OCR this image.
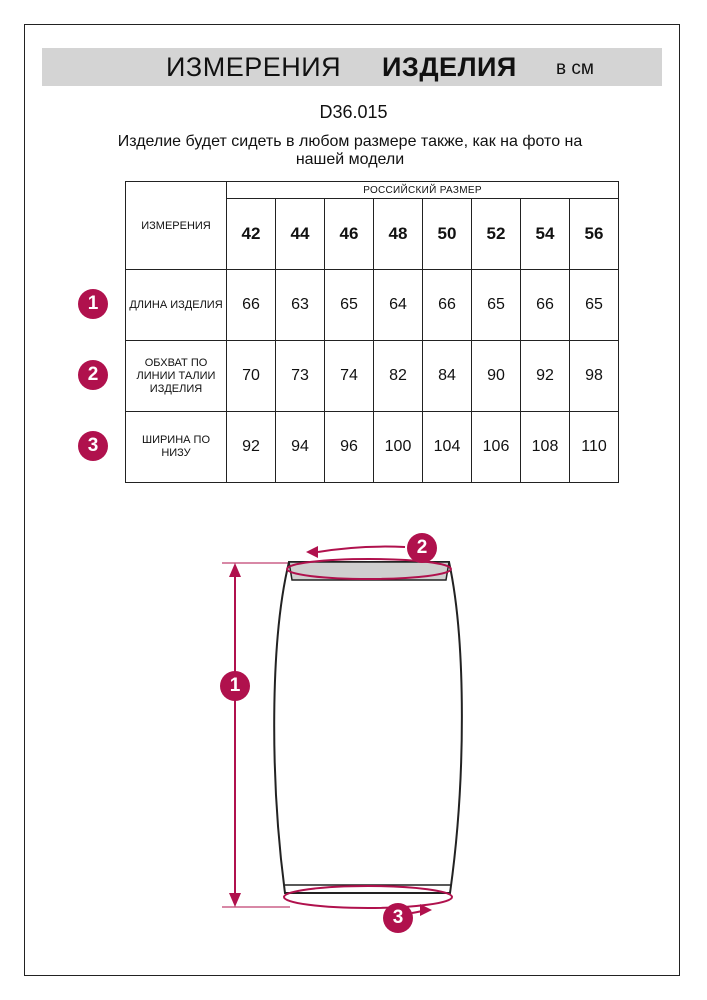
ИЗМЕРЕНИЯ ИЗДЕЛИЯ в см
D36.015
Изделие будет сидеть в любом размере также, как на фото на нашей модели
ИЗМЕРЕНИЯ	РОССИЙСКИЙ РАЗМЕР							
	42	44	46	48	50	52	54	56
ДЛИНА ИЗДЕЛИЯ	66	63	65	64	66	65	66	65
ОБХВАТ ПО ЛИНИИ ТАЛИИ ИЗДЕЛИЯ	70	73	74	82	84	90	92	98
ШИРИНА ПО НИЗУ	92	94	96	100	104	106	108	110
1
2
3
1
2
3
